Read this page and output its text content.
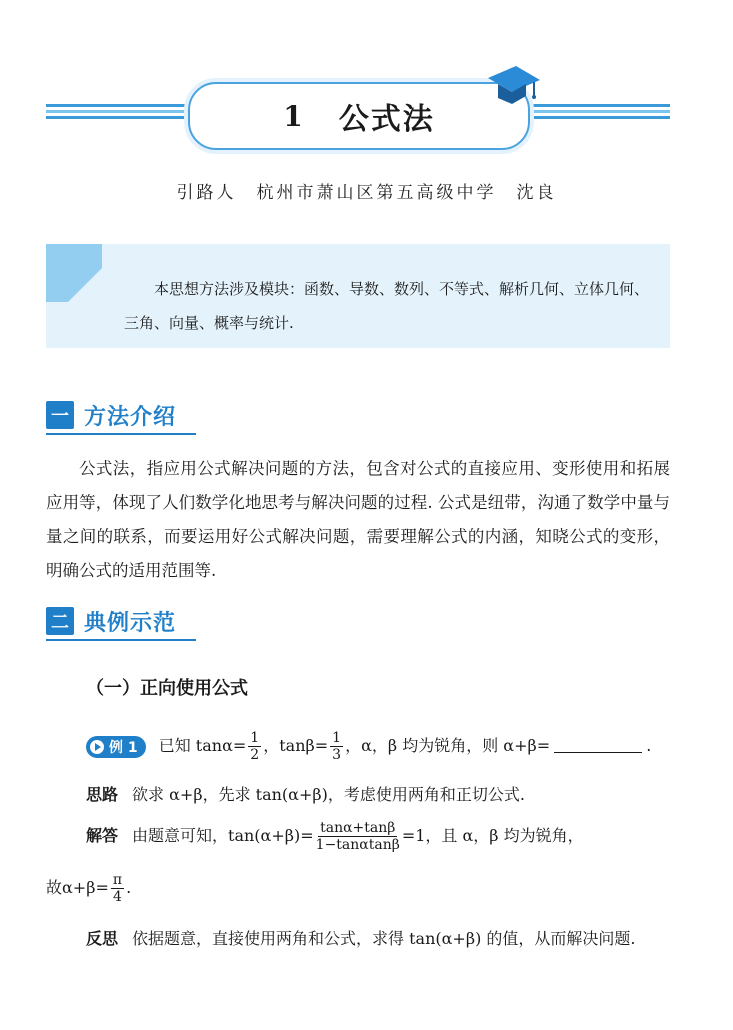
1 公式法
引路人　杭州市萧山区第五高级中学　沈良
本思想方法涉及模块：函数、导数、数列、不等式、解析几何、立体几何、三角、向量、概率与统计.
一 方法介绍
公式法，指应用公式解决问题的方法，包含对公式的直接应用、变形使用和拓展应用等，体现了人们数学化地思考与解决问题的过程. 公式是纽带，沟通了数学中量与量之间的联系，而要运用好公式解决问题，需要理解公式的内涵，知晓公式的变形，明确公式的适用范围等.
二 典例示范
（一）正向使用公式
例 1 已知 $\tan\alpha= \frac{1}{2}$ ，$\tan\beta= \frac{1}{3}$ ，α，β 均为锐角，则 α+β=	.
思路 欲求 α+β，先求 tan(α+β)，考虑使用两角和正切公式.
解答 由题意可知，$\tan(\alpha+\beta)= \frac{\tan\alpha+\tan\beta}{1-\tan\alpha\tan\beta} =1$，且 α，β 均为锐角，
故$\alpha+\beta= \frac{\pi}{4}$ .
反思 依据题意，直接使用两角和公式，求得 tan(α+β) 的值，从而解决问题.
